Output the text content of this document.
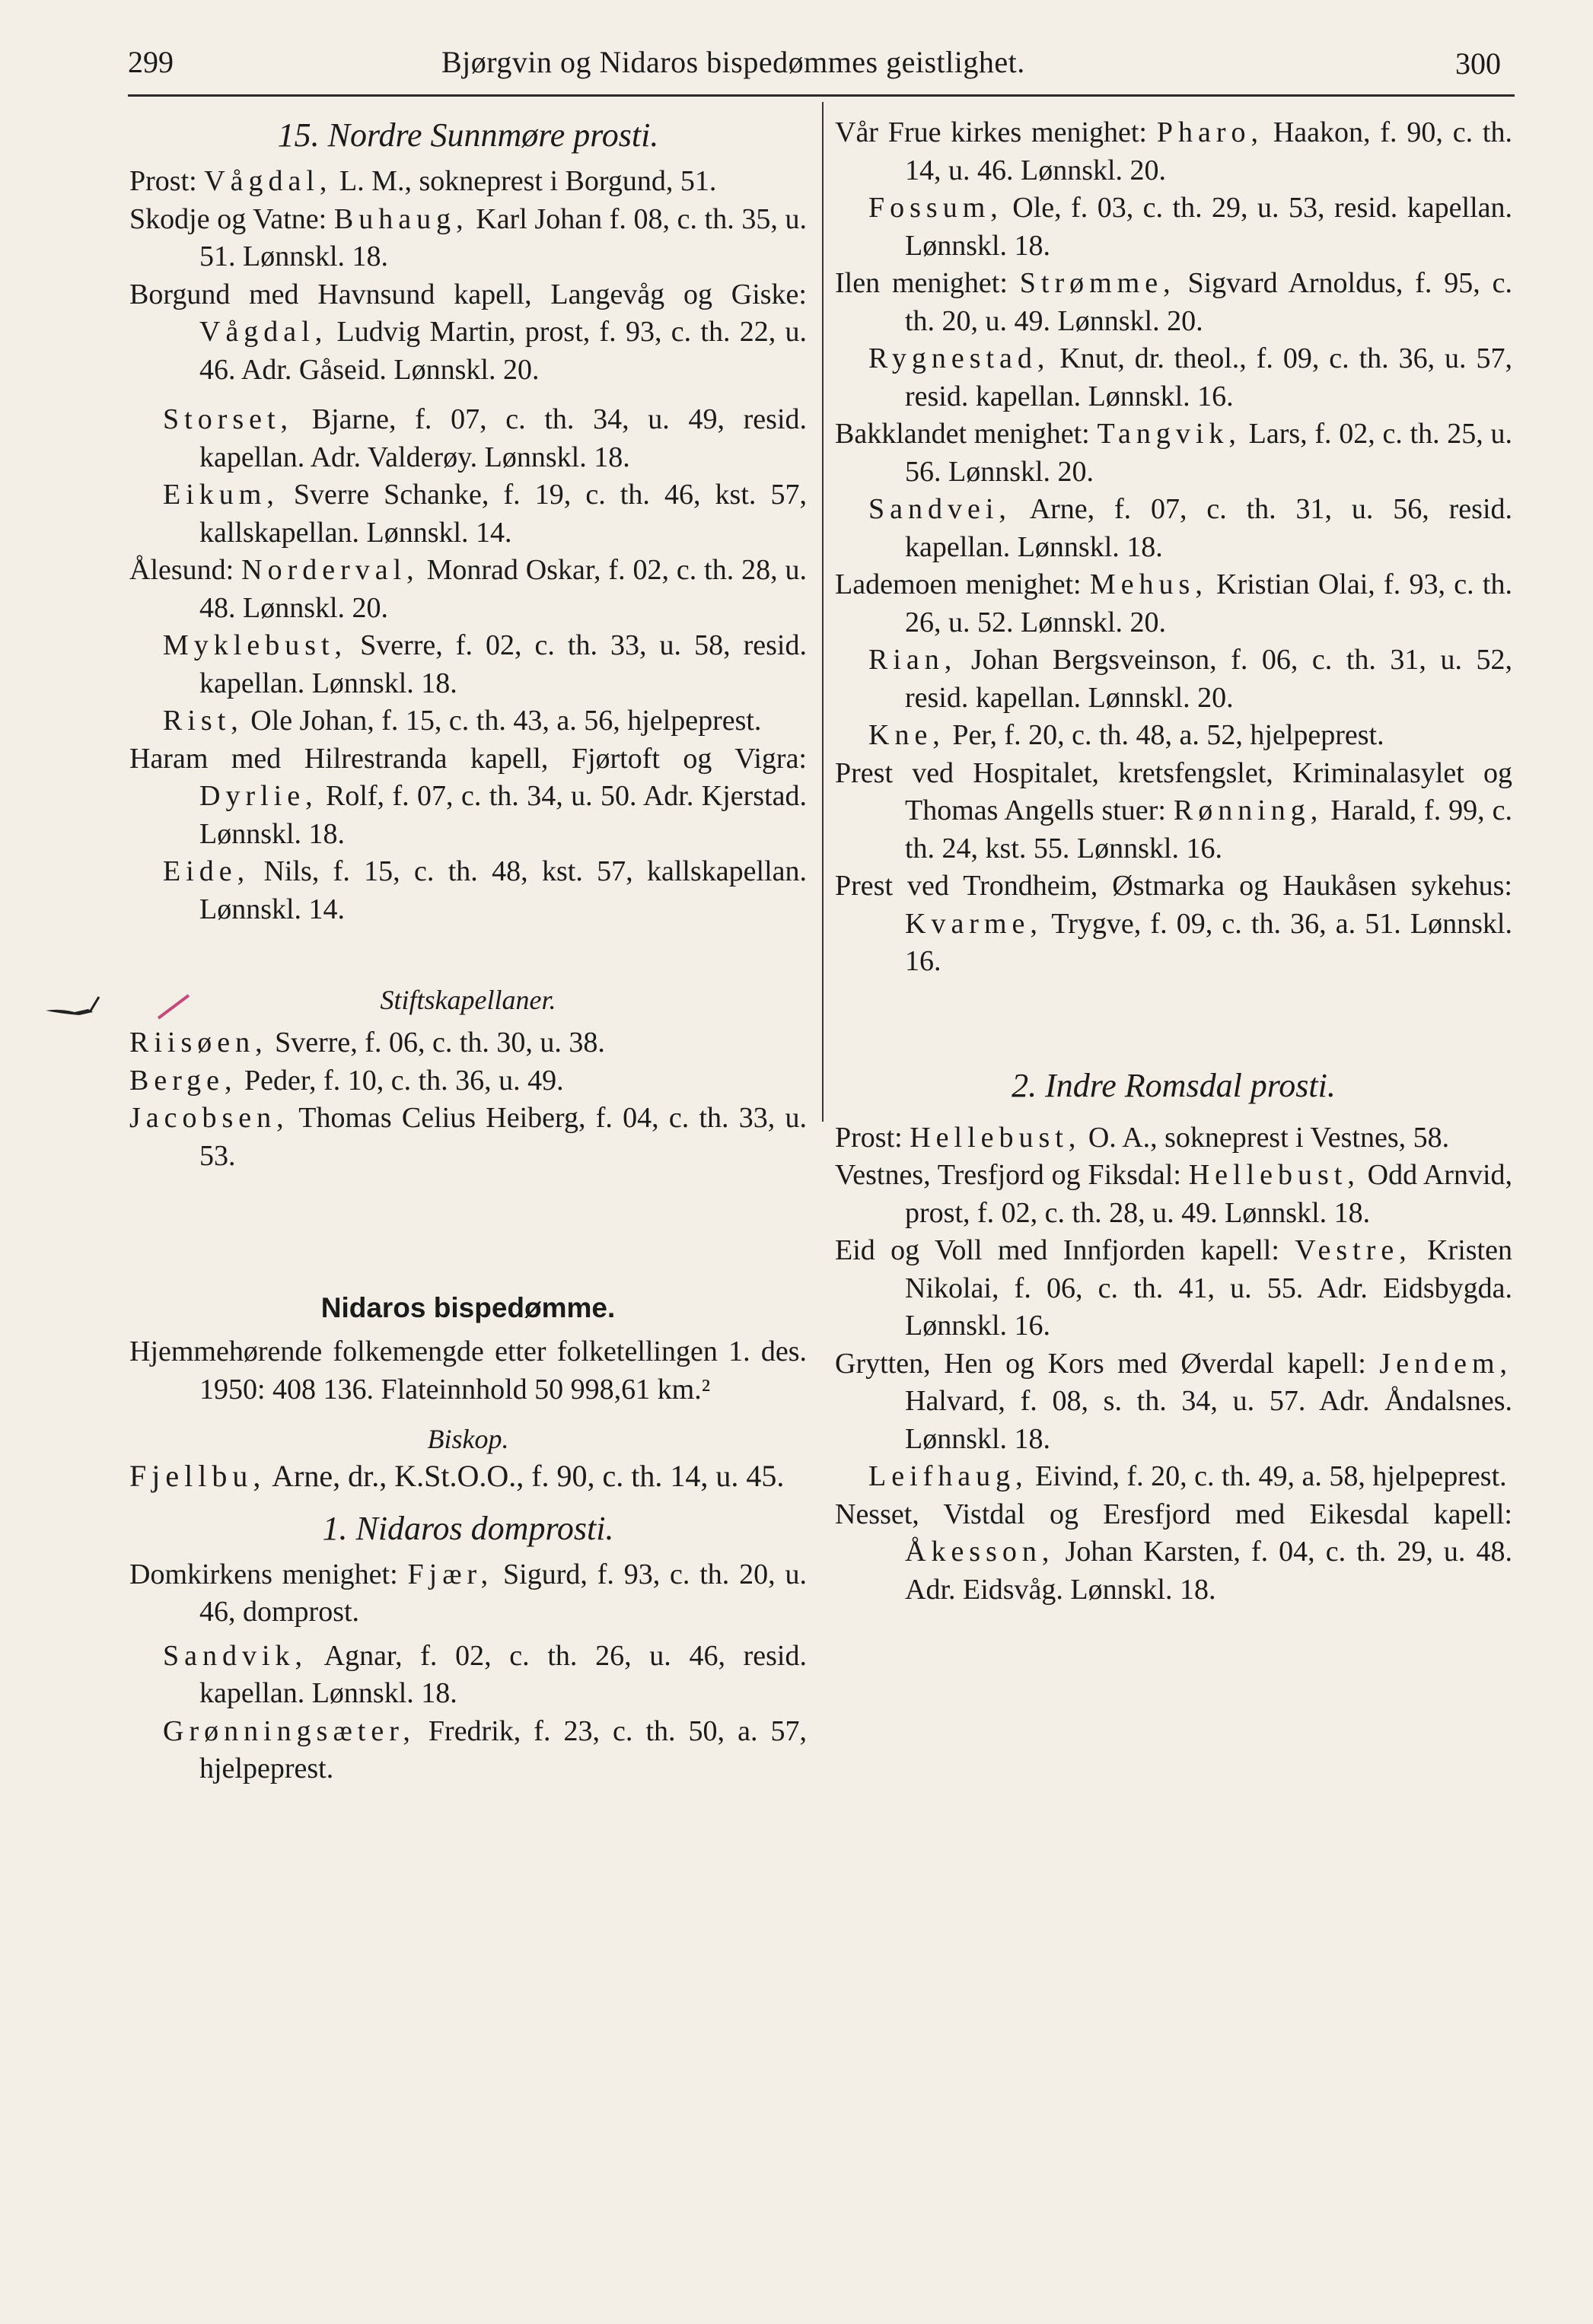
299	Bjørgvin og Nidaros bispedømmes geistlighet.	300
15. Nordre Sunnmøre prosti.
Prost: Vågdal, L. M., sokneprest i Borgund, 51.
Skodje og Vatne: Buhaug, Karl Johan f. 08, c. th. 35, u. 51. Lønnskl. 18.
Borgund med Havnsund kapell, Langevåg og Giske: Vågdal, Ludvig Martin, prost, f. 93, c. th. 22, u. 46. Adr. Gåseid. Lønnskl. 20.
Storset, Bjarne, f. 07, c. th. 34, u. 49, resid. kapellan. Adr. Valderøy. Lønnskl. 18.
Eikum, Sverre Schanke, f. 19, c. th. 46, kst. 57, kallskapellan. Lønnskl. 14.
Ålesund: Norderval, Monrad Oskar, f. 02, c. th. 28, u. 48. Lønnskl. 20.
Myklebust, Sverre, f. 02, c. th. 33, u. 58, resid. kapellan. Lønnskl. 18.
Rist, Ole Johan, f. 15, c. th. 43, a. 56, hjelpeprest.
Haram med Hilrestranda kapell, Fjørtoft og Vigra: Dyrlie, Rolf, f. 07, c. th. 34, u. 50. Adr. Kjerstad. Lønnskl. 18.
Eide, Nils, f. 15, c. th. 48, kst. 57, kallskapellan. Lønnskl. 14.
Stiftskapellaner.
Riisøen, Sverre, f. 06, c. th. 30, u. 38.
Berge, Peder, f. 10, c. th. 36, u. 49.
Jacobsen, Thomas Celius Heiberg, f. 04, c. th. 33, u. 53.
Nidaros bispedømme.
Hjemmehørende folkemengde etter folketellingen 1. des. 1950: 408 136. Flateinnhold 50 998,61 km.²
Biskop.
Fjellbu, Arne, dr., K.St.O.O., f. 90, c. th. 14, u. 45.
1. Nidaros domprosti.
Domkirkens menighet: Fjær, Sigurd, f. 93, c. th. 20, u. 46, domprost.
Sandvik, Agnar, f. 02, c. th. 26, u. 46, resid. kapellan. Lønnskl. 18.
Grønningsæter, Fredrik, f. 23, c. th. 50, a. 57, hjelpeprest.
Vår Frue kirkes menighet: Pharo, Haakon, f. 90, c. th. 14, u. 46. Lønnskl. 20.
Fossum, Ole, f. 03, c. th. 29, u. 53, resid. kapellan. Lønnskl. 18.
Ilen menighet: Strømme, Sigvard Arnoldus, f. 95, c. th. 20, u. 49. Lønnskl. 20.
Rygnestad, Knut, dr. theol., f. 09, c. th. 36, u. 57, resid. kapellan. Lønnskl. 16.
Bakklandet menighet: Tangvik, Lars, f. 02, c. th. 25, u. 56. Lønnskl. 20.
Sandvei, Arne, f. 07, c. th. 31, u. 56, resid. kapellan. Lønnskl. 18.
Lademoen menighet: Mehus, Kristian Olai, f. 93, c. th. 26, u. 52. Lønnskl. 20.
Rian, Johan Bergsveinson, f. 06, c. th. 31, u. 52, resid. kapellan. Lønnskl. 20.
Kne, Per, f. 20, c. th. 48, a. 52, hjelpeprest.
Prest ved Hospitalet, kretsfengslet, Kriminalasylet og Thomas Angells stuer: Rønning, Harald, f. 99, c. th. 24, kst. 55. Lønnskl. 16.
Prest ved Trondheim, Østmarka og Haukåsen sykehus: Kvarme, Trygve, f. 09, c. th. 36, a. 51. Lønnskl. 16.
2. Indre Romsdal prosti.
Prost: Hellebust, O. A., sokneprest i Vestnes, 58.
Vestnes, Tresfjord og Fiksdal: Hellebust, Odd Arnvid, prost, f. 02, c. th. 28, u. 49. Lønnskl. 18.
Eid og Voll med Innfjorden kapell: Vestre, Kristen Nikolai, f. 06, c. th. 41, u. 55. Adr. Eidsbygda. Lønnskl. 16.
Grytten, Hen og Kors med Øverdal kapell: Jendem, Halvard, f. 08, s. th. 34, u. 57. Adr. Åndalsnes. Lønnskl. 18.
Leifhaug, Eivind, f. 20, c. th. 49, a. 58, hjelpeprest.
Nesset, Vistdal og Eresfjord med Eikesdal kapell: Åkesson, Johan Karsten, f. 04, c. th. 29, u. 48. Adr. Eidsvåg. Lønnskl. 18.
